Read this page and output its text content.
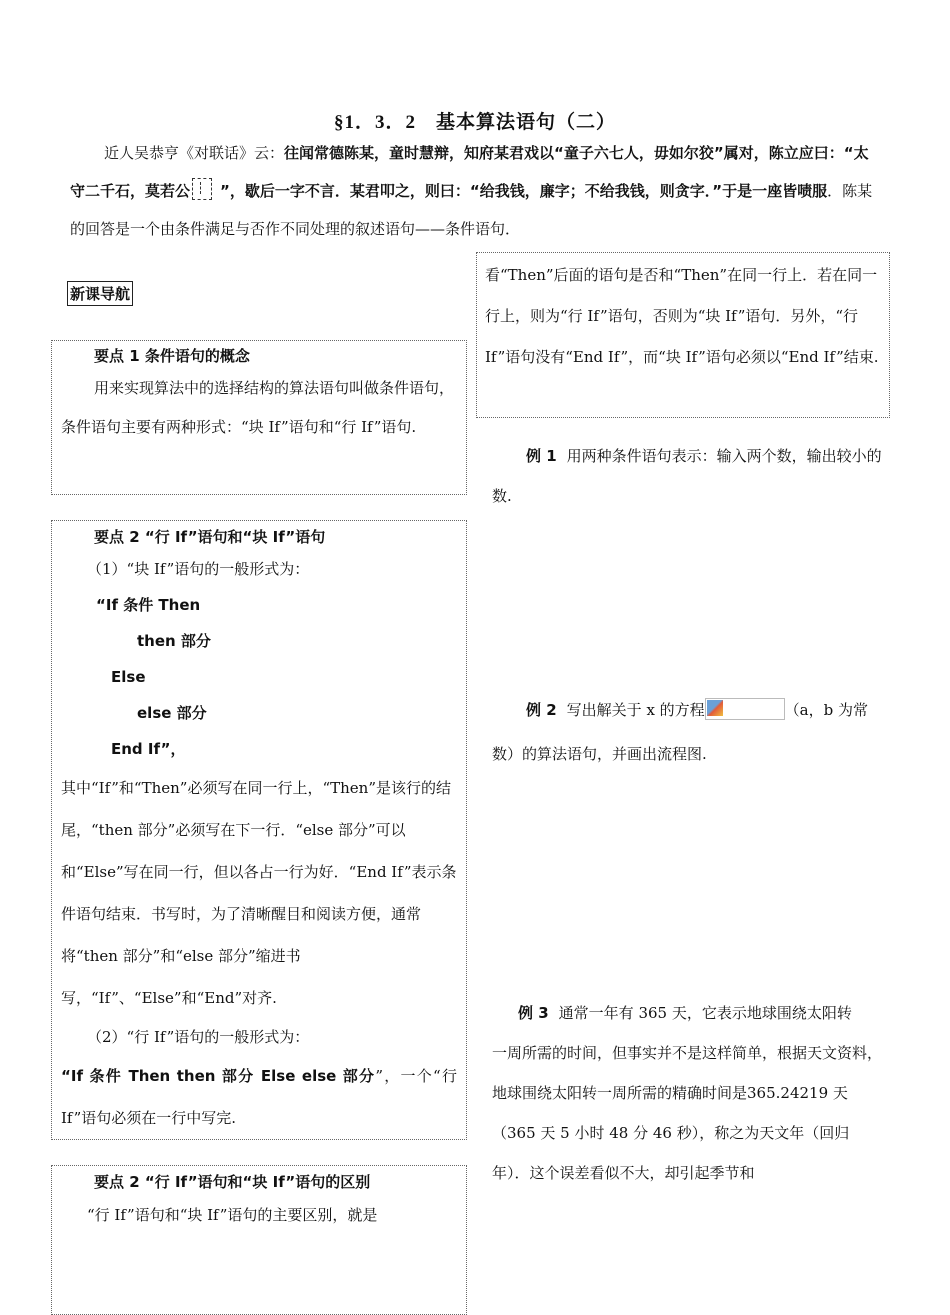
§1．3．2　基本算法语句（二）
近人吴恭亨《对联话》云：往闻常德陈某，童时慧辩，知府某君戏以“童子六七人，毋如尔狡”属对，陈立应曰：“太守二千石，莫若公 ”，歇后一字不言．某君叩之，则曰：“给我钱，廉字；不给我钱，则贪字．”于是一座皆啧服．陈某的回答是一个由条件满足与否作不同处理的叙述语句——条件语句．
新课导航

要点 1 条件语句的概念

用来实现算法中的选择结构的算法语句叫做条件语句，条件语句主要有两种形式：“块 If”语句和“行 If”语句.

要点 2 “行 If”语句和“块 If”语句

（1）“块 If”语句的一般形式为：

“If 条件 Then

then 部分

Else

else 部分

End If”，

其中“If”和“Then”必须写在同一行上，“Then”是该行的结尾，“then 部分”必须写在下一行．“else 部分”可以和“Else”写在同一行，但以各占一行为好．“End If”表示条件语句结束．书写时，为了清晰醒目和阅读方便，通常将“then 部分”和“else 部分”缩进书写，“If”、“Else”和“End”对齐.

（2）“行 If”语句的一般形式为：

“If 条件 Then then 部分 Else else 部分”，一个“行 If”语句必须在一行中写完.

要点 2 “行 If”语句和“块 If”语句的区别

“行 If”语句和“块 If”语句的主要区别，就是

看“Then”后面的语句是否和“Then”在同一行上．若在同一行上，则为“行 If”语句，否则为“块 If”语句．另外，“行 If”语句没有“End If”，而“块 If”语句必须以“End If”结束.

例 1 用两种条件语句表示：输入两个数，输出较小的数.

例 2 写出解关于 x 的方程	（a，b 为常数）的算法语句，并画出流程图.

例 3 通常一年有 365 天，它表示地球围绕太阳转

一周所需的时间，但事实并不是这样简单，根据天文资料，地球围绕太阳转一周所需的精确时间是365.24219 天（365 天 5 小时 48 分 46 秒），称之为天文年（回归年）．这个误差看似不大，却引起季节和
